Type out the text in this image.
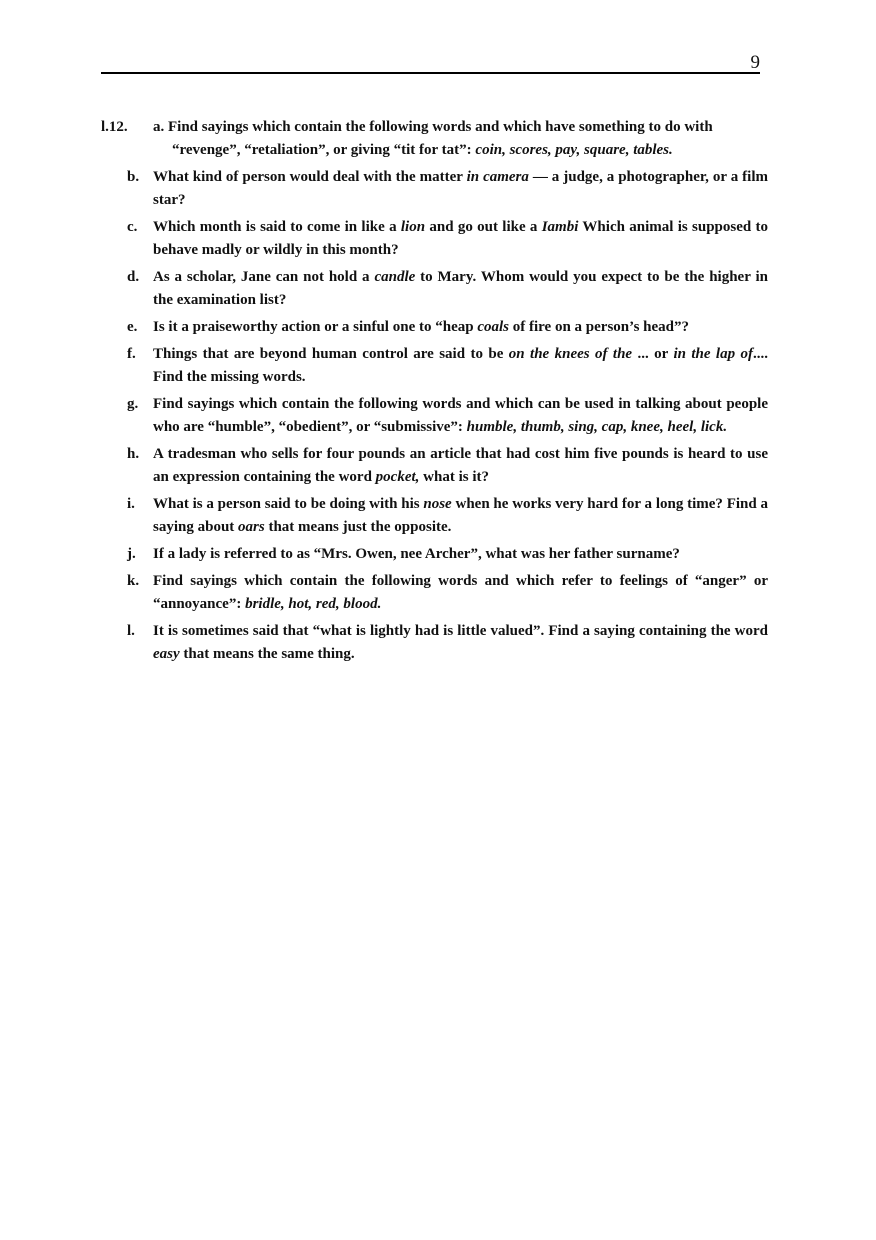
9
l.12. a. Find sayings which contain the following words and which have something to do with
“revenge”, “retaliation”, or giving “tit for tat”: coin, scores, pay, square, tables.
b. What kind of person would deal with the matter in camera — a judge, a photographer, or a film star?
c. Which month is said to come in like a lion and go out like a Iambi Which animal is supposed to behave madly or wildly in this month?
d. As a scholar, Jane can not hold a candle to Mary. Whom would you expect to be the higher in the examination list?
e. Is it a praiseworthy action or a sinful one to “heap coals of fire on a person’s head”?
f. Things that are beyond human control are said to be on the knees of the ... or in the lap of.... Find the missing words.
g. Find sayings which contain the following words and which can be used in talking about people who are “humble”, “obedient”, or “submissive”: humble, thumb, sing, cap, knee, heel, lick.
h. A tradesman who sells for four pounds an article that had cost him five pounds is heard to use an expression containing the word pocket, what is it?
i. What is a person said to be doing with his nose when he works very hard for a long time? Find a saying about oars that means just the opposite.
j. If a lady is referred to as “Mrs. Owen, nee Archer”, what was her father surname?
k. Find sayings which contain the following words and which refer to feelings of “anger” or “annoyance”: bridle, hot, red, blood.
l. It is sometimes said that “what is lightly had is little valued”. Find a saying containing the word easy that means the same thing.
